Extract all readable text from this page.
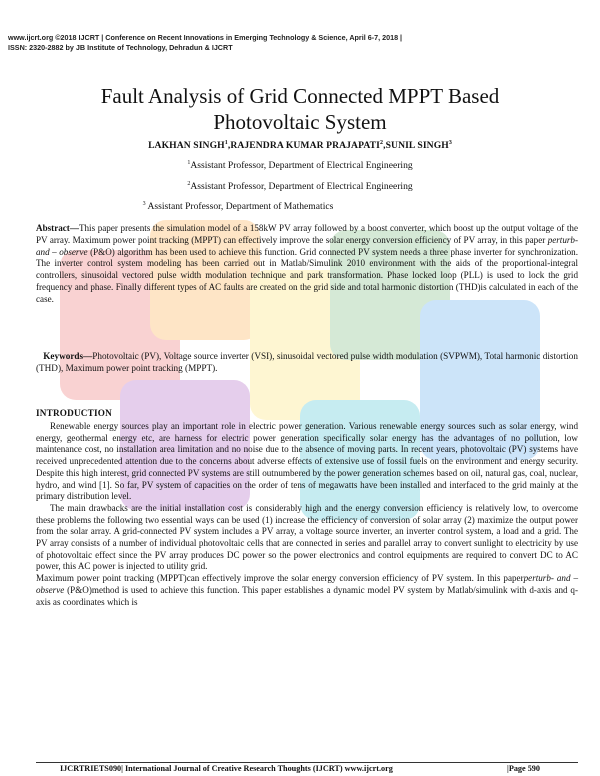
www.ijcrt.org ©2018 IJCRT | Conference on Recent Innovations in Emerging Technology & Science, April 6-7, 2018 |
ISSN: 2320-2882 by JB Institute of Technology, Dehradun & IJCRT
Fault Analysis of Grid Connected MPPT Based
Photovoltaic System
LAKHAN SINGH$^1$,RAJENDRA KUMAR PRAJAPATI$^2$,SUNIL SINGH$^3$
$^1$Assistant Professor, Department of Electrical Engineering
$^2$Assistant Professor, Department of Electrical Engineering
$^3$ Assistant Professor, Department of Mathematics
Abstract—This paper presents the simulation model of a 158kW PV array followed by a boost converter, which boost up the output voltage of the PV array. Maximum power point tracking (MPPT) can effectively improve the solar energy conversion efficiency of PV array, in this paper perturb- and – observe (P&O) algorithm has been used to achieve this function. Grid connected PV system needs a three phase inverter for synchronization. The inverter control system modeling has been carried out in Matlab/Simulink 2010 environment with the aids of the proportional-integral controllers, sinusoidal vectored pulse width modulation technique and park transformation. Phase locked loop (PLL) is used to lock the grid frequency and phase. Finally different types of AC faults are created on the grid side and total harmonic distortion (THD)is calculated in each of the case.
Keywords—Photovoltaic (PV), Voltage source inverter (VSI), sinusoidal vectored pulse width modulation (SVPWM), Total harmonic distortion (THD), Maximum power point tracking (MPPT).
INTRODUCTION

Renewable energy sources play an important role in electric power generation. Various renewable energy sources such as solar energy, wind energy, geothermal energy etc, are harness for electric power generation specifically solar energy has the advantages of no pollution, low maintenance cost, no installation area limitation and no noise due to the absence of moving parts. In recent years, photovoltaic (PV) systems have received unprecedented attention due to the concerns about adverse effects of extensive use of fossil fuels on the environment and energy security. Despite this high interest, grid connected PV systems are still outnumbered by the power generation schemes based on oil, natural gas, coal, nuclear, hydro, and wind [1]. So far, PV system of capacities on the order of tens of megawatts have been installed and interfaced to the grid mainly at the primary distribution level.

The main drawbacks are the initial installation cost is considerably high and the energy conversion efficiency is relatively low, to overcome these problems the following two essential ways can be used (1) increase the efficiency of conversion of solar array (2) maximize the output power from the solar array. A grid-connected PV system includes a PV array, a voltage source inverter, an inverter control system, a load and a grid. The PV array consists of a number of individual photovoltaic cells that are connected in series and parallel array to convert sunlight to electricity by use of photovoltaic effect since the PV array produces DC power so the power electronics and control equipments are required to convert DC to AC power, this AC power is injected to utility grid.

Maximum power point tracking (MPPT)can effectively improve the solar energy conversion efficiency of PV system. In this paperperturb- and – observe (P&O)method is used to achieve this function. This paper establishes a dynamic model PV system by Matlab/simulink with d-axis and q-axis as coordinates which is

IJCRTRIETS090| International Journal of Creative Research Thoughts (IJCRT) www.ijcrt.org	|Page 590
